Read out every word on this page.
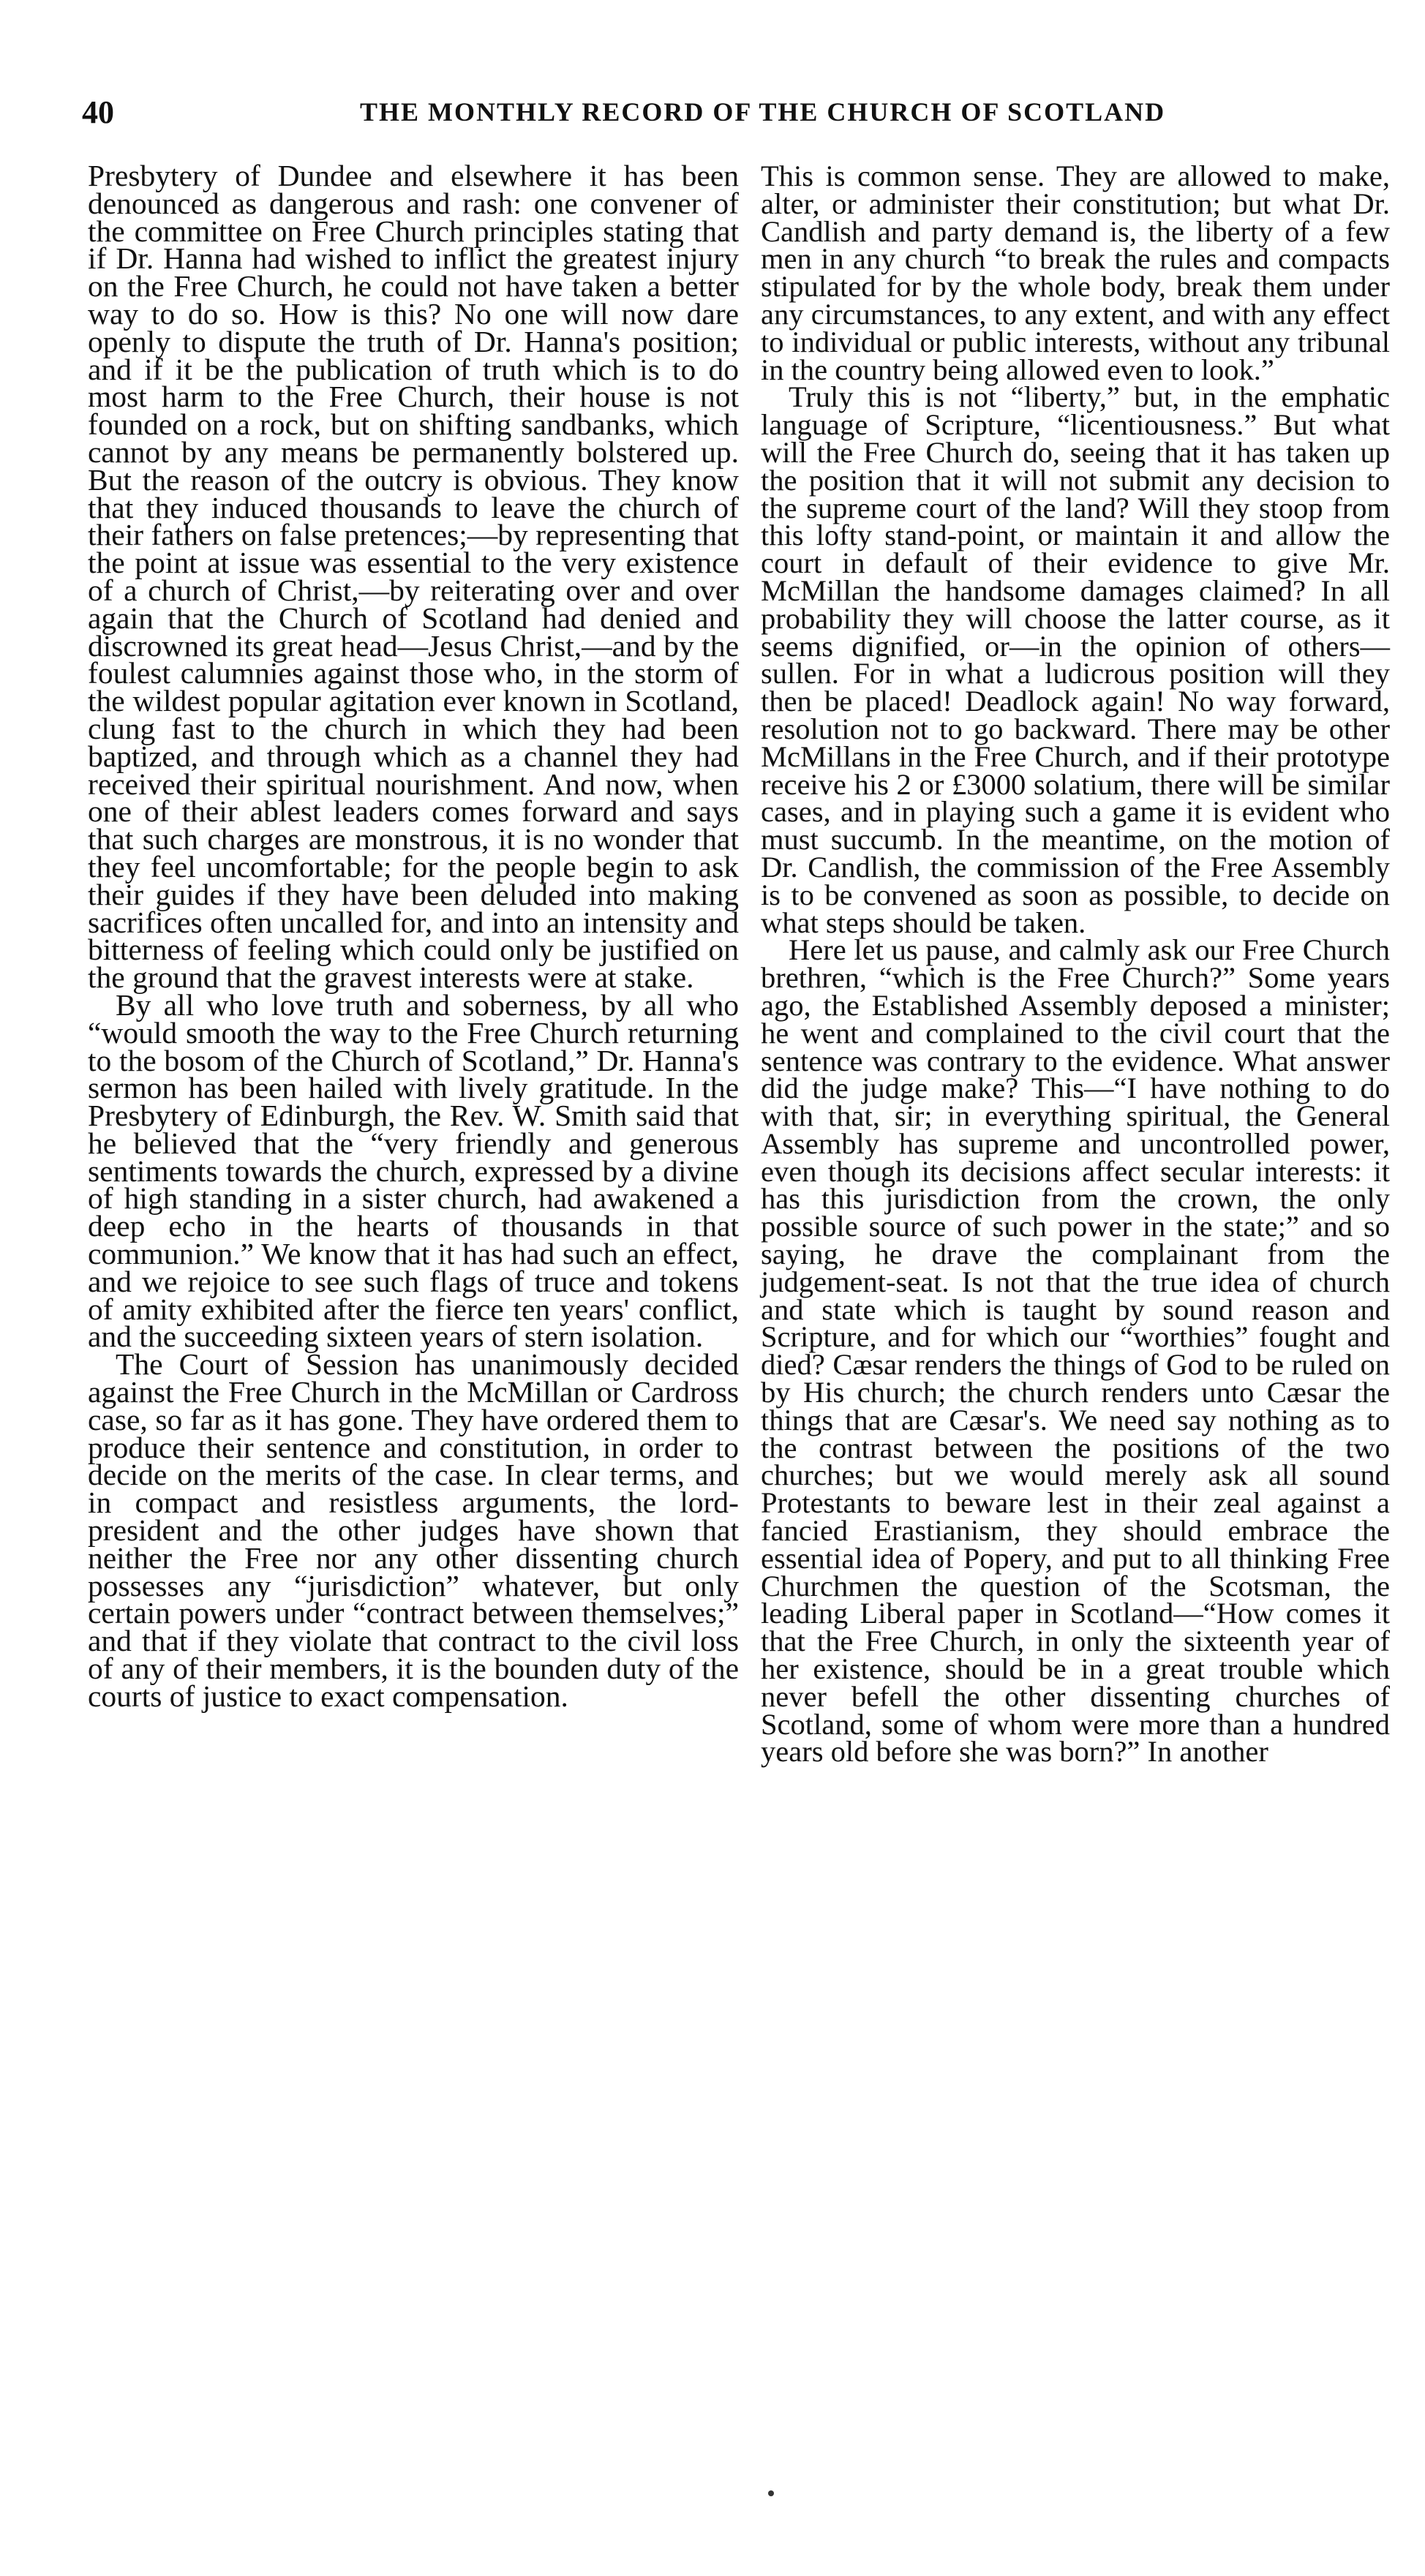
40	THE MONTHLY RECORD OF THE CHURCH OF SCOTLAND

Presbytery of Dundee and elsewhere it has been denounced as dangerous and rash: one convener of the committee on Free Church principles stating that if Dr. Hanna had wished to inflict the greatest injury on the Free Church, he could not have taken a better way to do so. How is this? No one will now dare openly to dispute the truth of Dr. Hanna's position; and if it be the publication of truth which is to do most harm to the Free Church, their house is not founded on a rock, but on shifting sandbanks, which cannot by any means be permanently bolstered up. But the reason of the outcry is obvious. They know that they induced thousands to leave the church of their fathers on false pretences;—by representing that the point at issue was essential to the very existence of a church of Christ,—by reiterating over and over again that the Church of Scotland had denied and discrowned its great head—Jesus Christ,—and by the foulest calumnies against those who, in the storm of the wildest popular agitation ever known in Scotland, clung fast to the church in which they had been baptized, and through which as a channel they had received their spiritual nourishment. And now, when one of their ablest leaders comes forward and says that such charges are monstrous, it is no wonder that they feel uncomfortable; for the people begin to ask their guides if they have been deluded into making sacrifices often uncalled for, and into an intensity and bitterness of feeling which could only be justified on the ground that the gravest interests were at stake.

By all who love truth and soberness, by all who “would smooth the way to the Free Church returning to the bosom of the Church of Scotland,” Dr. Hanna's sermon has been hailed with lively gratitude. In the Presbytery of Edinburgh, the Rev. W. Smith said that he believed that the “very friendly and generous sentiments towards the church, expressed by a divine of high standing in a sister church, had awakened a deep echo in the hearts of thousands in that communion.” We know that it has had such an effect, and we rejoice to see such flags of truce and tokens of amity exhibited after the fierce ten years' conflict, and the succeeding sixteen years of stern isolation.

The Court of Session has unanimously decided against the Free Church in the McMillan or Cardross case, so far as it has gone. They have ordered them to produce their sentence and constitution, in order to decide on the merits of the case. In clear terms, and in compact and resistless arguments, the lord-president and the other judges have shown that neither the Free nor any other dissenting church possesses any “jurisdiction” whatever, but only certain powers under “contract between themselves;” and that if they violate that contract to the civil loss of any of their members, it is the bounden duty of the courts of justice to exact compensation.

This is common sense. They are allowed to make, alter, or administer their constitution; but what Dr. Candlish and party demand is, the liberty of a few men in any church “to break the rules and compacts stipulated for by the whole body, break them under any circumstances, to any extent, and with any effect to individual or public interests, without any tribunal in the country being allowed even to look.”

Truly this is not “liberty,” but, in the emphatic language of Scripture, “licentiousness.” But what will the Free Church do, seeing that it has taken up the position that it will not submit any decision to the supreme court of the land? Will they stoop from this lofty stand-point, or maintain it and allow the court in default of their evidence to give Mr. McMillan the handsome damages claimed? In all probability they will choose the latter course, as it seems dignified, or—in the opinion of others—sullen. For in what a ludicrous position will they then be placed! Deadlock again! No way forward, resolution not to go backward. There may be other McMillans in the Free Church, and if their prototype receive his 2 or £3000 solatium, there will be similar cases, and in playing such a game it is evident who must succumb. In the meantime, on the motion of Dr. Candlish, the commission of the Free Assembly is to be convened as soon as possible, to decide on what steps should be taken.

Here let us pause, and calmly ask our Free Church brethren, “which is the Free Church?” Some years ago, the Established Assembly deposed a minister; he went and complained to the civil court that the sentence was contrary to the evidence. What answer did the judge make? This—“I have nothing to do with that, sir; in everything spiritual, the General Assembly has supreme and uncontrolled power, even though its decisions affect secular interests: it has this jurisdiction from the crown, the only possible source of such power in the state;” and so saying, he drave the complainant from the judgement-seat. Is not that the true idea of church and state which is taught by sound reason and Scripture, and for which our “worthies” fought and died? Cæsar renders the things of God to be ruled on by His church; the church renders unto Cæsar the things that are Cæsar's. We need say nothing as to the contrast between the positions of the two churches; but we would merely ask all sound Protestants to beware lest in their zeal against a fancied Erastianism, they should embrace the essential idea of Popery, and put to all thinking Free Churchmen the question of the Scotsman, the leading Liberal paper in Scotland—“How comes it that the Free Church, in only the sixteenth year of her existence, should be in a great trouble which never befell the other dissenting churches of Scotland, some of whom were more than a hundred years old before she was born?” In another
